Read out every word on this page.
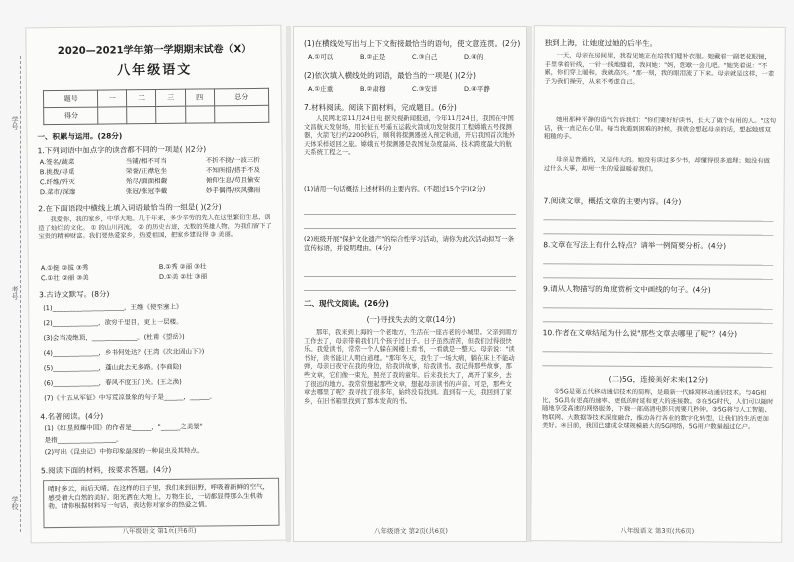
学号
考号
学校
2020—2021学年第一学期期末试卷（X）
八年级语文
题号	一	二	三	四	总分
得分					
一、积累与运用。(28分)
1.下列词语中加点字的读音都不同的一项是( )(2分)
A.签名/蔬菜	当铺/相不可当	不折不挠/一波三折
B.挑拨/寻觅	荣誉/正襟危坐	不知所措/措手不及
C.纤维/歼灭	殆尽/面面相觑	俯仰生息/苟且偷安
D.菜市/深邃	张冠/张冠李戴	妙手偶得/疾风骤雨
2.在下面语段中横线上填入词语最恰当的一组是( )(2分)
我爱你，我的家乡，中华大地。几千年来，多少辛劳的先人在这里繁衍生息，创造了灿烂的文化。 ① 的山川河流， ② 的历史古迹，无数的英雄人物，为我们留下了宝贵的精神财富。我们要热爱家乡，热爱祖国，把家乡建设得 ③ 美丽。
A.①挺 ②拔 ③秀	B.①秀 ②丽 ③壮
C.①壮 ②丽 ③美	D.①美 ②壮 ③丽
3.古诗文默写。(8分)
(1)______________________，王维《使至塞上》
(2)______________，欲穷千里目，更上一层楼。
(3)会当凌绝顶，______________。(杜甫《望岳》)
(4)______________，乡书何处达？(王湾《次北固山下》)
(5)______________，蓬山此去无多路。(李商隐)
(6)______________，春风不度玉门关。(王之涣)
(7)《十五从军征》中写荒凉景象的句子是______，______。
4.名著阅读。(4分)
(1)《红星照耀中国》的作者是______，"______之美景"
是指__________________。
(2)写出《昆虫记》中你印象最深的一种昆虫及其特点。
5.阅读下面的材料，按要求答题。(4分)
晴时多云，雨后天晴。在这样的日子里，我们来到田野，呼吸着新鲜的空气，感受着大自然的美好。阳光洒在大地上，万物生长，一切都显得那么生机勃勃。请你根据材料写一句话，表达你对家乡的热爱之情。
八年级语文 第1页(共6页)
(1)在横线处写出与上下文衔接最恰当的语句，使文意连贯。(2分)
A.①可以	B.②正是	C.③自己	D.④的
(2)依次填入横线处的词语，最恰当的一项是( )(2分)
A.①庄重	B.②肃穆	C.③安详	D.④平静
7.材料阅读。阅读下面材料，完成题目。(6分)
人民网北京11月24日电 据央视新闻报道，今年11月24日，我国在中国文昌航天发射场，用长征五号遥五运载火箭成功发射探月工程嫦娥五号探测器，火箭飞行约2200秒后，顺利将探测器送入预定轨道，开启我国首次地外天体采样返回之旅。嫦娥五号探测器是我国复杂度最高、技术跨度最大的航天系统工程之一。
(1)请用一句话概括上述材料的主要内容。(不超过15个字)(2分)
(2)班级开展"保护文化遗产"的综合性学习活动，请你为此次活动拟写一条宣传标语，并说明理由。(4分)
二、现代文阅读。(26分)
(一)寻找失去的文章(14分)
那年，我来到上海的一个老地方，生活在一座古老的小城里。父亲到南方工作去了，母亲带着我们几个孩子过日子。日子虽然清苦，但我们过得很快乐。我爱读书，常常一个人躲在阁楼上看书，一看就是一整天。母亲说："读书好，读书能让人明白道理。"那年冬天，我生了一场大病，躺在床上不能动弹，母亲日夜守在我的身边，给我讲故事，给我读书。我记得那些故事，那些文章，它们像一束光，照亮了我的童年。后来我长大了，离开了家乡，去了很远的地方。我常常想起那些文章，想起母亲读书的声音。可是，那些文章去哪里了呢？我寻找了很多年，始终没有找到。直到有一天，我回到了家乡，在旧书箱里找到了那本发黄的书。
八年级语文 第2页(共6页)
独到上海，让她度过她的后半生。
一天，母亲在房间里，我看见她正在给我们缝补衣服。她戴着一副老花眼镜，手里拿着针线，一针一线地缝着，我问她："妈，您歇一会儿吧。"她笑着说："不累，你们穿上暖和，我就高兴。"那一刻，我的眼泪流了下来。母亲就是这样，一辈子为我们操劳，从来不考虑自己。
她用那种平静的语气告诉我们："你们要好好读书，长大了做个有用的人。"这句话，我一直记在心里。每当我遇到困难的时候，我就会想起母亲的话，想起她那双粗糙的手。
母亲是普通的，又是伟大的。她没有读过多少书，却懂得很多道理；她没有做过什么大事，却用一生的爱温暖着我们。
7.阅读文章，概括文章的主要内容。(4分)
8.文章在写法上有什么特点？请举一例简要分析。(4分)
9.请从人物描写的角度赏析文中画线的句子。(4分)
10.作者在文章结尾为什么说"那些文章去哪里了呢"？(4分)
(二)5G，连接美好未来(12分)
①5G是第五代移动通信技术的简称，是最新一代蜂窝移动通信技术。与4G相比，5G具有更高的速率、更低的时延和更大的连接数。②在5G时代，人们可以随时随地享受高速的网络服务，下载一部高清电影只需要几秒钟。③5G将与人工智能、物联网、大数据等技术深度融合，推动各行各业的数字化转型，让我们的生活更加美好。④目前，我国已建成全球规模最大的5G网络，5G用户数量超过亿户。
八年级语文 第3页(共6页)
